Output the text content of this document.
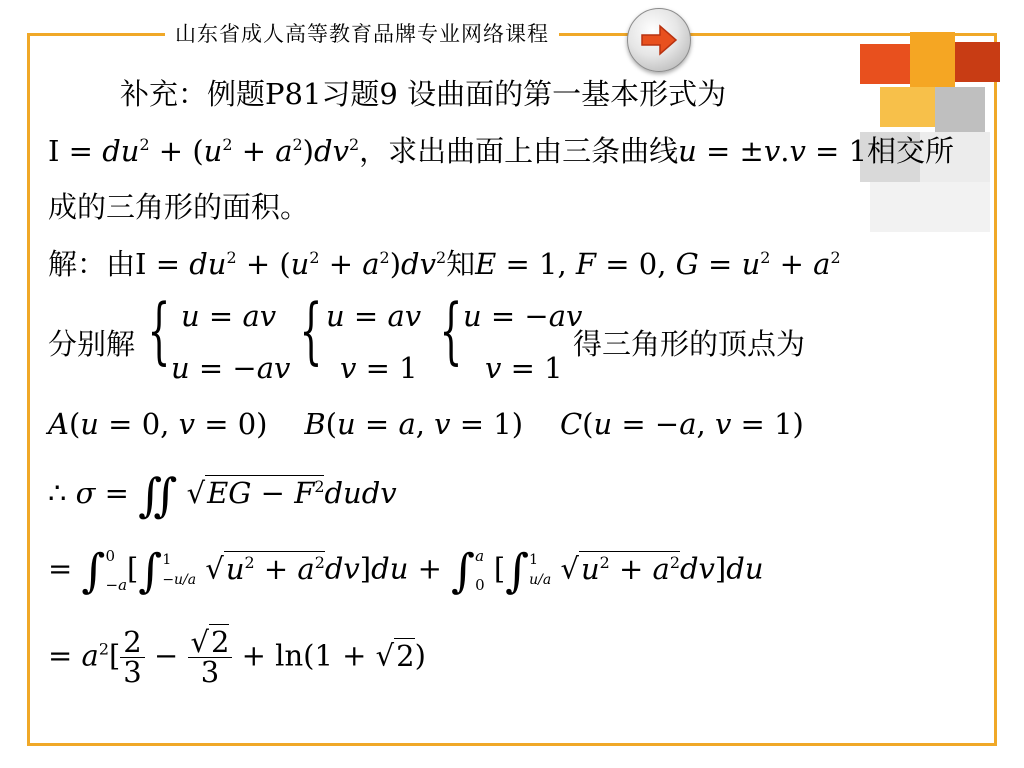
山东省成人高等教育品牌专业网络课程
补充：例题P81习题9 设曲面的第一基本形式为
$I = du^2 + (u^2 + a^2)dv^2$，求出曲面上由三条曲线u = ±v.v = 1相交所
成的三角形的面积。
解：由$I = du^2 + (u^2 + a^2)dv^2$知E = 1, F = 0, $G = u^2 + a^2$
分别解 { u = av
u = −av { u = av
v = 1 { u = −av
v = 1
得三角形的顶点为
A(u = 0, v = 0)    B(u = a, v = 1)    C(u = −a, v = 1)
∴ σ = ∬ $√EG - F^2dudv$
= ∫ 0
−a [∫ 1
−u/a $√u^2 + a^2dv]du$ + ∫ a
0 [∫ 1
u/a $√u^2 + a^2dv]du$
= $a^2[ \frac{2}{3} - \frac{√2}{3} + \ln(1 + √2)$
